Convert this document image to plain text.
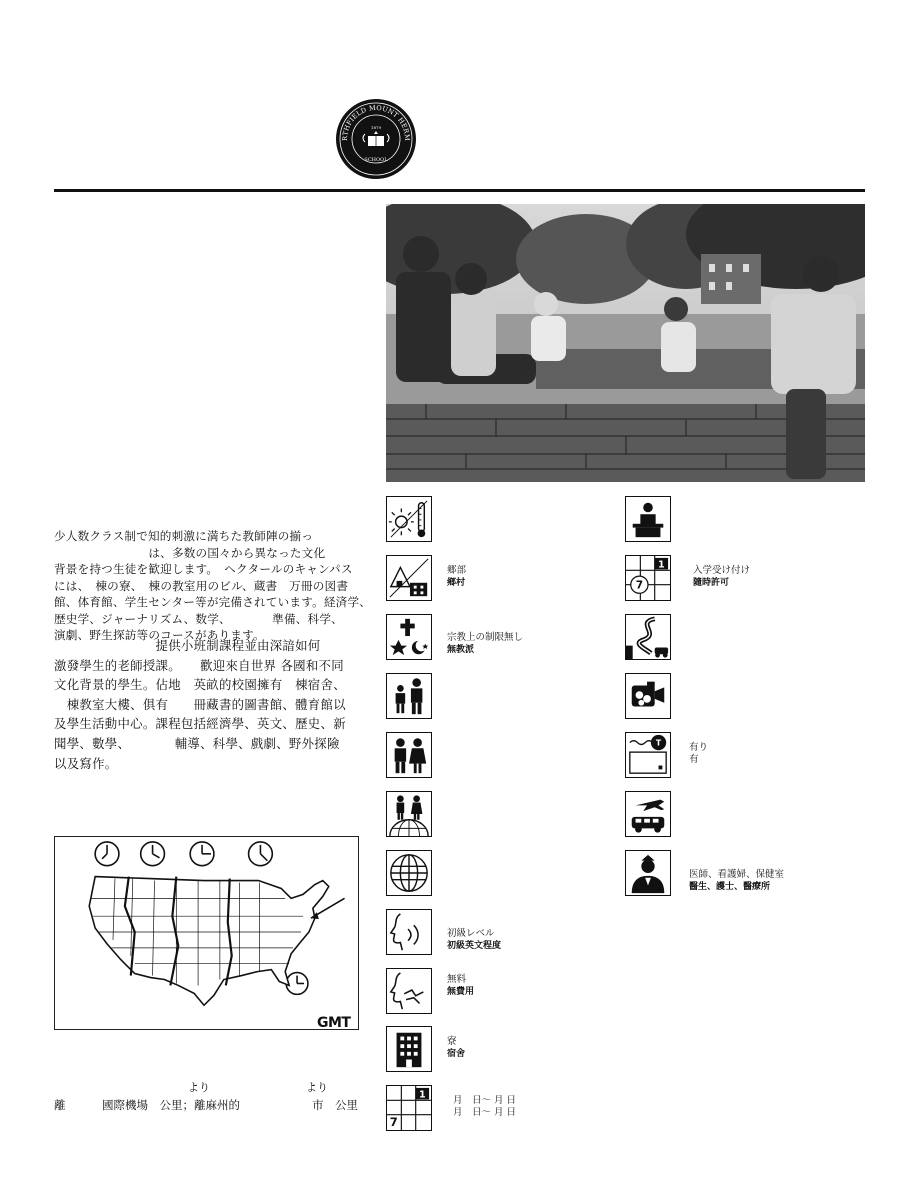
RTHFIELD MOUNT HERM
1879
SCHOOL

少人数クラス制で知的刺激に満ちた教師陣の揃っ

　　　　　　　　は、多数の国々から異なった文化

背景を持つ生徒を歓迎します。　ヘクタールのキャンパス

には、　棟の寮、　棟の教室用のビル、蔵書　万冊の図書

館、体育館、学生センター等が完備されています。経済学、

歴史学、ジャーナリズム、数学、　　　　準備、科学、

演劇、野生探訪等のコースがあります。

　　　　　　　　提供小班制課程並由深諳如何

激發學生的老師授課。　　歡迎來自世界 各國和不同

文化背景的學生。佔地　英畝的校園擁有　棟宿舍、

　棟教室大樓、俱有　　冊藏書的圖書館、體育館以

及學生活動中心。課程包括經濟學、英文、歷史、新

聞學、數學、　　　　輔導、科學、戲劇、野外探險

以及寫作。

GMT
より	より
離	國際機場　公里；離麻州的	市　公里
郷部
鄉村
宗教上の制限無し
無教派
初級レベル
初級英文程度
無料
無費用
寮
宿舍
1
7
月　日～ 月 日
月　日～ 月 日
1
7
入学受け付け
隨時許可
T	有り
有
医師、看護婦、保健室
醫生、護士、醫療所
